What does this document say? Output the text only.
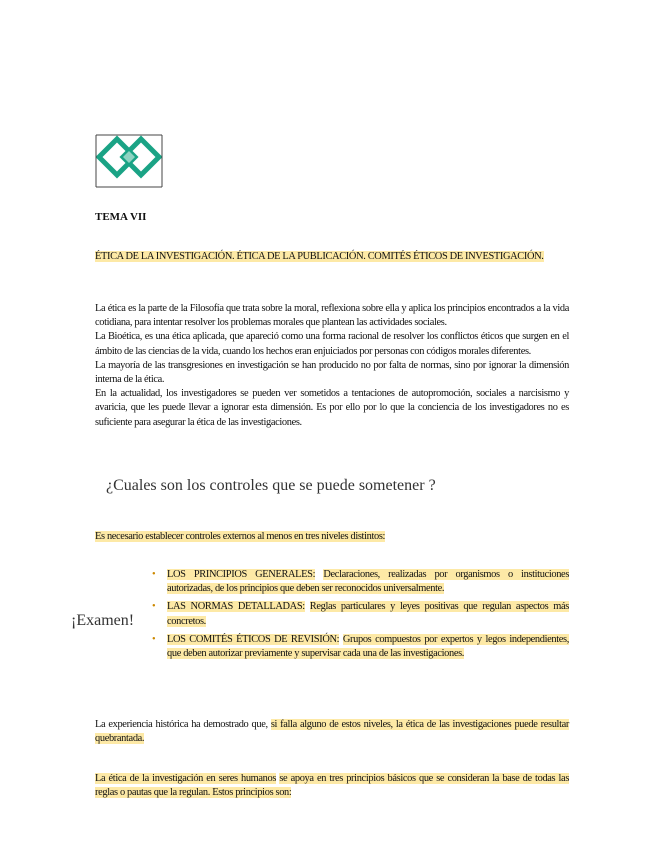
TEMA VII
ÉTICA DE LA INVESTIGACIÓN. ÉTICA DE LA PUBLICACIÓN. COMITÉS ÉTICOS DE INVESTIGACIÓN.

La ética es la parte de la Filosofía que trata sobre la moral, reflexiona sobre ella y aplica los principios encontrados a la vida cotidiana, para intentar resolver los problemas morales que plantean las actividades sociales.

La Bioética, es una ética aplicada, que apareció como una forma racional de resolver los conflictos éticos que surgen en el ámbito de las ciencias de la vida, cuando los hechos eran enjuiciados por personas con códigos morales diferentes.

La mayoría de las transgresiones en investigación se han producido no por falta de normas, sino por ignorar la dimensión interna de la ética.

En la actualidad, los investigadores se pueden ver sometidos a tentaciones de autopromoción, sociales a narcisismo y avaricia, que les puede llevar a ignorar esta dimensión. Es por ello por lo que la conciencia de los investigadores no es suficiente para asegurar la ética de las investigaciones.

¿Cuales son los controles que se puede sometener ?
Es necesario establecer controles externos al menos en tres niveles distintos:
¡Examen!
• LOS PRINCIPIOS GENERALES: Declaraciones, realizadas por organismos o instituciones autorizadas, de los principios que deben ser reconocidos universalmente.
• LAS NORMAS DETALLADAS: Reglas particulares y leyes positivas que regulan aspectos más concretos.
• LOS COMITÉS ÉTICOS DE REVISIÓN: Grupos compuestos por expertos y legos independientes, que deben autorizar previamente y supervisar cada una de las investigaciones.
La experiencia histórica ha demostrado que, si falla alguno de estos niveles, la ética de las investigaciones puede resultar quebrantada.
La ética de la investigación en seres humanos se apoya en tres principios básicos que se consideran la base de todas las reglas o pautas que la regulan. Estos principios son:
